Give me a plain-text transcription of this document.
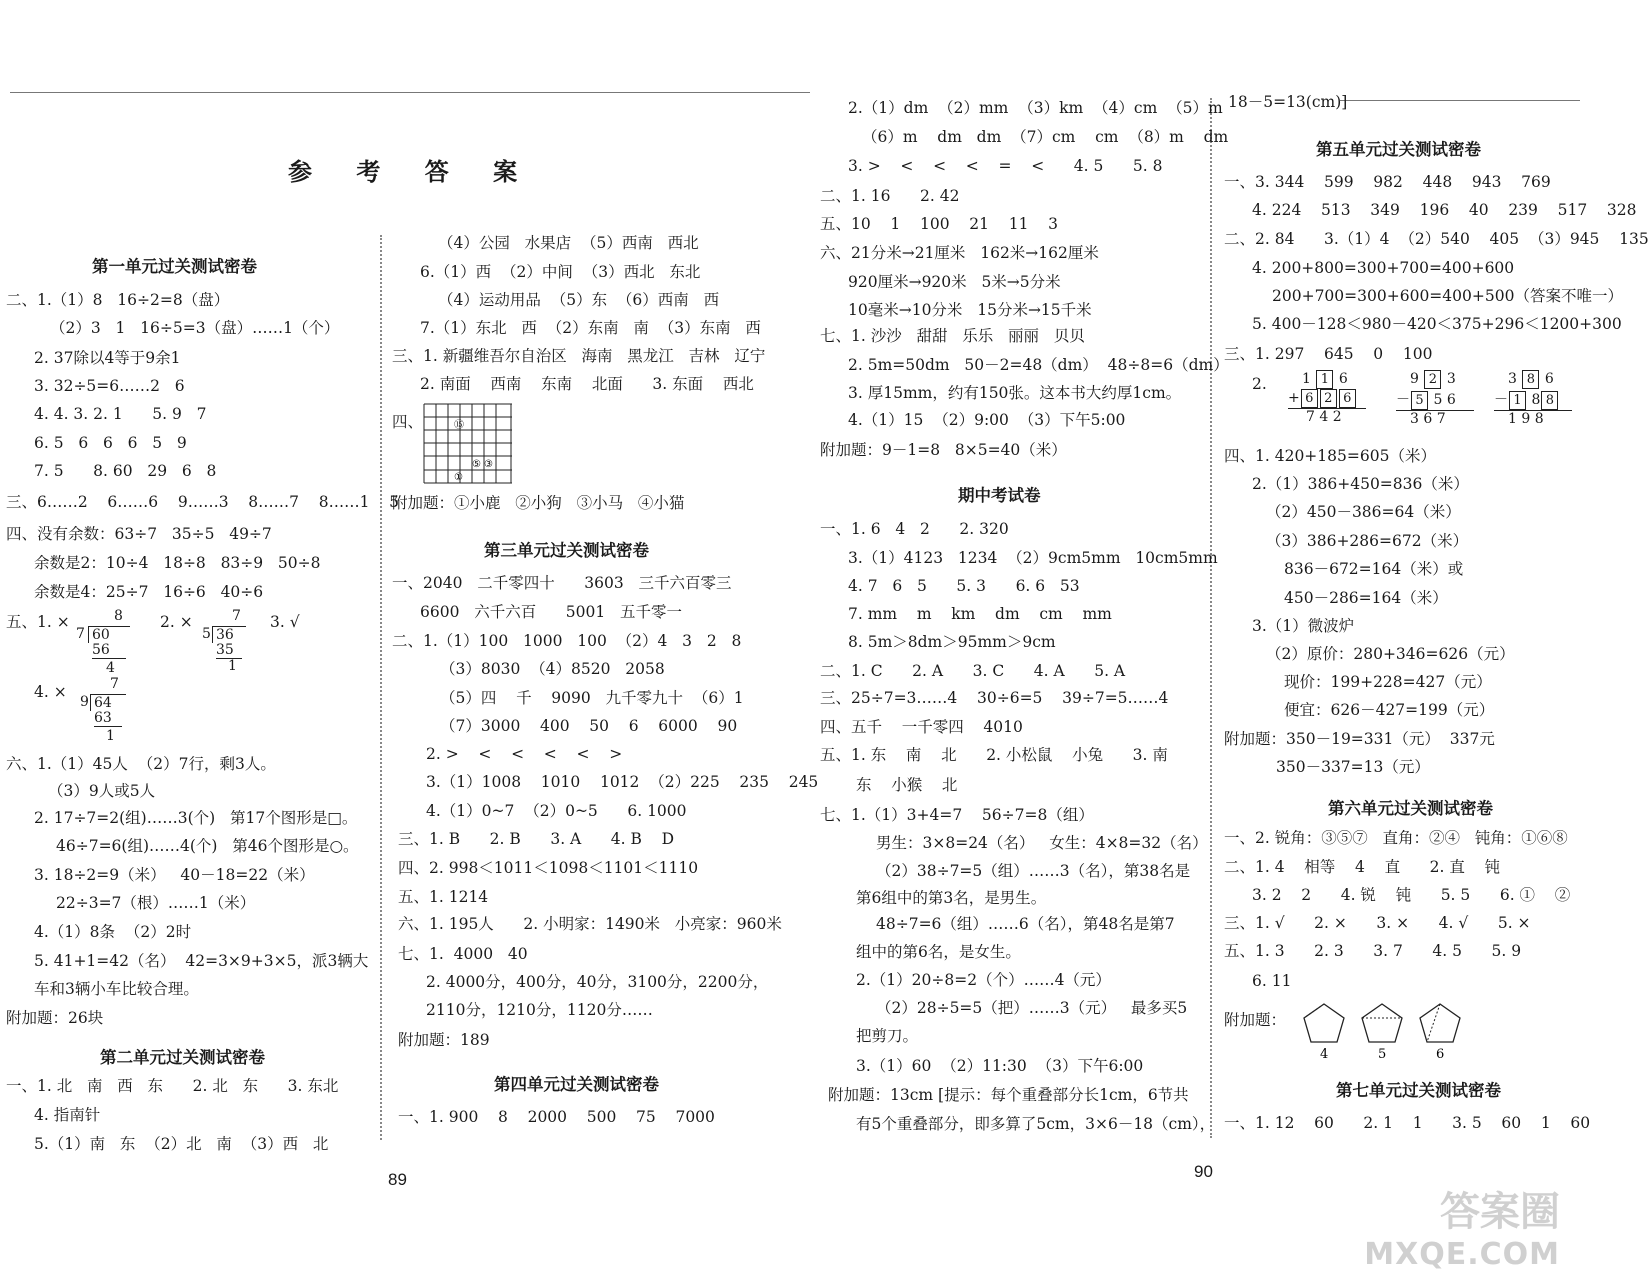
参 考 答 案
第一单元过关测试密卷
二、1.（1）8   16÷2=8（盘）
（2）3   1   16÷5=3（盘）……1（个）
2. 37除以4等于9余1
3. 32÷5=6……2   6
4. 4. 3. 2. 1      5. 9   7
6. 5   6   6   6   5   9
7. 5      8. 60   29   6   8
三、6……2    6……6    9……3    8……7    8……1    5
四、没有余数：63÷7   35÷5   49÷7
余数是2：10÷4   18÷8   83÷9   50÷8
余数是4：25÷7   16÷6   40÷6
五、1. ×	2. ×	3. √
8
7 60
56
4
7
5 36
35
1
4. ×	7
9 64
63
1
六、1.（1）45人  （2）7行，剩3人。
（3）9人或5人
2. 17÷7=2(组)……3(个)   第17个图形是□。
46÷7=6(组)……4(个)   第46个图形是○。
3. 18÷2=9（米）   40－18=22（米）
22÷3=7（根）……1（米）
4.（1）8条  （2）2时
5. 41+1=42（名）  42=3×9+3×5，派3辆大
车和3辆小车比较合理。
附加题：26块
第二单元过关测试密卷
一、1. 北   南   西   东      2. 北   东      3. 东北
4. 指南针
5.（1）南   东  （2）北   南  （3）西   北
（4）公园   水果店  （5）西南   西北
6.（1）西  （2）中间  （3）西北   东北
（4）运动用品  （5）东  （6）西南   西
7.（1）东北   西  （2）东南   南  （3）东南   西
三、1. 新疆维吾尔自治区   海南   黑龙江   吉林   辽宁
2. 南面    西南    东南    北面      3. 东面    西北
四、	⑮
①
⑤ ③
附加题：①小鹿   ②小狗   ③小马   ④小猫
第三单元过关测试密卷
一、2040   二千零四十      3603   三千六百零三
6600   六千六百      5001   五千零一
二、1.（1）100   1000   100  （2）4   3   2   8
（3）8030  （4）8520   2058
（5）四    千    9090   九千零九十  （6）1
（7）3000    400    50    6    6000    90
2. >    <    <    <    <    >
3.（1）1008    1010    1012  （2）225    235    245
4.（1）0~7  （2）0~5      6. 1000
三、1. B      2. B      3. A      4. B    D
四、2. 998＜1011＜1098＜1101＜1110
五、1. 1214
六、1. 195人      2. 小明家：1490米   小亮家：960米
七、1.  4000   40
2. 4000分，400分，40分，3100分，2200分，
2110分，1210分，1120分……
附加题：189
第四单元过关测试密卷
一、1. 900    8    2000    500    75    7000
89
2.（1）dm  （2）mm  （3）km  （4）cm  （5）m
（6）m    dm   dm  （7）cm    cm  （8）m    dm
3. >    <    <    <    =    <      4. 5      5. 8
二、1. 16      2. 42
五、10    1    100    21    11    3
六、21分米→21厘米   162米→162厘米
920厘米→920米   5米→5分米
10毫米→10分米   15分米→15千米
七、1. 沙沙   甜甜   乐乐   丽丽   贝贝
2. 5m=50dm   50－2=48（dm）  48÷8=6（dm）
3. 厚15mm，约有150张。这本书大约厚1cm。
4.（1）15  （2）9:00  （3）下午5:00
附加题：9－1=8   8×5=40（米）
期中考试卷
一、1. 6   4   2      2. 320
3.（1）4123   1234  （2）9cm5mm   10cm5mm
4. 7   6   5      5. 3      6. 6   53
7. mm    m    km    dm    cm    mm
8. 5m＞8dm＞95mm＞9cm
二、1. C      2. A      3. C      4. A      5. A
三、25÷7=3……4    30÷6=5    39÷7=5……4
四、五千    一千零四    4010
五、1. 东    南    北      2. 小松鼠    小兔      3. 南
东    小猴    北
七、1.（1）3+4=7    56÷7=8（组）
男生：3×8=24（名）   女生：4×8=32（名）
（2）38÷7=5（组）……3（名），第38名是
第6组中的第3名，是男生。
48÷7=6（组）……6（名），第48名是第7
组中的第6名，是女生。
2.（1）20÷8=2（个）……4（元）
（2）28÷5=5（把）……3（元）   最多买5
把剪刀。
3.（1）60  （2）11:30  （3）下午6:00
附加题：13cm [提示：每个重叠部分长1cm，6节共
有5个重叠部分，即多算了5cm，3×6－18（cm），
90
18－5=13(cm)]
第五单元过关测试密卷
一、3. 344    599    982    448    943    769
4. 224    513    349    196    40    239    517    328
二、2. 84      3.（1）4  （2）540    405  （3）945    135
4. 200+800=300+700=400+600
200+700=300+600=400+500（答案不唯一）
5. 400－128＜980－420＜375+296＜1200+300
三、1. 297    645    0    100
2.	1 1 6
+ 6 2 6
7 4 2
9 2 3
－ 5 5 6
3 6 7
3 8 6
－ 1 8 8
1 9 8
四、1. 420+185=605（米）
2.（1）386+450=836（米）
（2）450－386=64（米）
（3）386+286=672（米）
836－672=164（米）或
450－286=164（米）
3.（1）微波炉
（2）原价：280+346=626（元）
现价：199+228=427（元）
便宜：626－427=199（元）
附加题：350－19=331（元）  337元
350－337=13（元）
第六单元过关测试密卷
一、2. 锐角：③⑤⑦   直角：②④   钝角：①⑥⑧
二、1. 4    相等    4    直      2. 直    钝
3. 2    2      4. 锐    钝      5. 5      6. ①    ②
三、1. √      2. ×      3. ×      4. √      5. ×
五、1. 3      2. 3      3. 7      4. 5      5. 9
6. 11
附加题：
4	5	6
第七单元过关测试密卷
一、1. 12    60      2. 1    1      3. 5    60    1    60
答案圈
MXQE.COM
